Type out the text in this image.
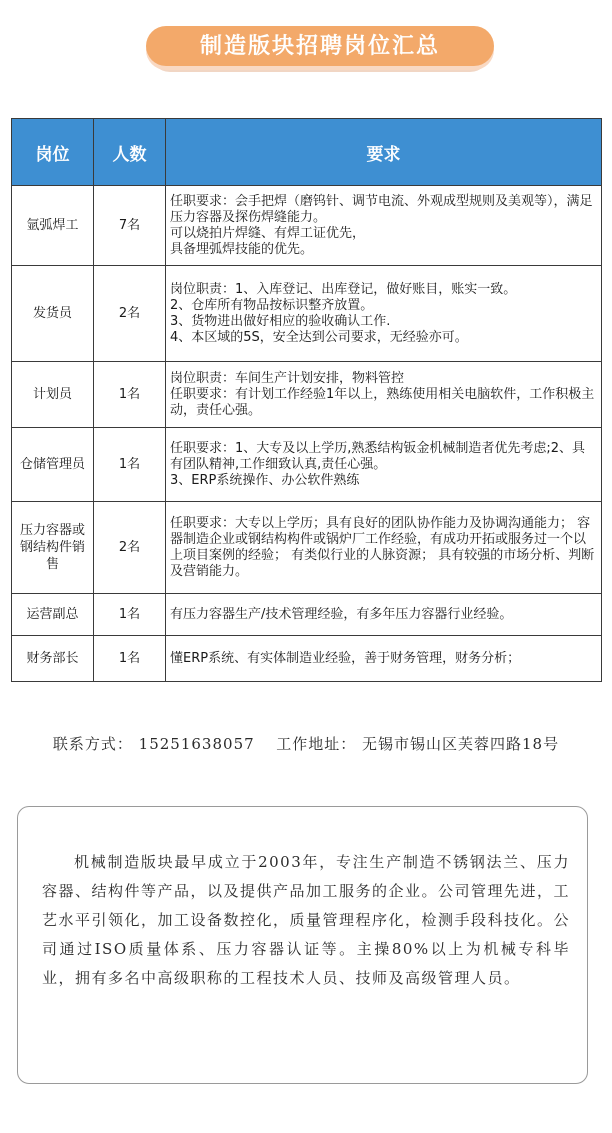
制造版块招聘岗位汇总
岗位	人数	要求
氩弧焊工	7名	任职要求：会手把焊（磨钨针、调节电流、外观成型规则及美观等），满足压力容器及探伤焊缝能力。
可以烧拍片焊缝、有焊工证优先，
具备埋弧焊技能的优先。

发货员	2名	岗位职责：1、入库登记、出库登记，做好账目，账实一致。
2、仓库所有物品按标识整齐放置。
3、货物进出做好相应的验收确认工作.
4、本区域的5S，安全达到公司要求，无经验亦可。

计划员	1名	岗位职责：车间生产计划安排，物料管控
任职要求：有计划工作经验1年以上，熟练使用相关电脑软件，工作积极主动，责任心强。

仓储管理员	1名	任职要求：1、大专及以上学历,熟悉结构钣金机械制造者优先考虑;2、具有团队精神,工作细致认真,责任心强。
3、ERP系统操作、办公软件熟练

压力容器或钢结构件销售	2名	任职要求：大专以上学历；具有良好的团队协作能力及协调沟通能力； 容器制造企业或钢结构构件或锅炉厂工作经验，有成功开拓或服务过一个以上项目案例的经验； 有类似行业的人脉资源； 具有较强的市场分析、判断及营销能力。

运营副总	1名	有压力容器生产/技术管理经验，有多年压力容器行业经验。

财务部长	1名	懂ERP系统、有实体制造业经验，善于财务管理，财务分析；
联系方式： 15251638057 工作地址： 无锡市锡山区芙蓉四路18号
机械制造版块最早成立于2003年，专注生产制造不锈钢法兰、压力容器、结构件等产品，以及提供产品加工服务的企业。公司管理先进，工艺水平引领化，加工设备数控化，质量管理程序化，检测手段科技化。公司通过ISO质量体系、压力容器认证等。主操80%以上为机械专科毕业，拥有多名中高级职称的工程技术人员、技师及高级管理人员。
